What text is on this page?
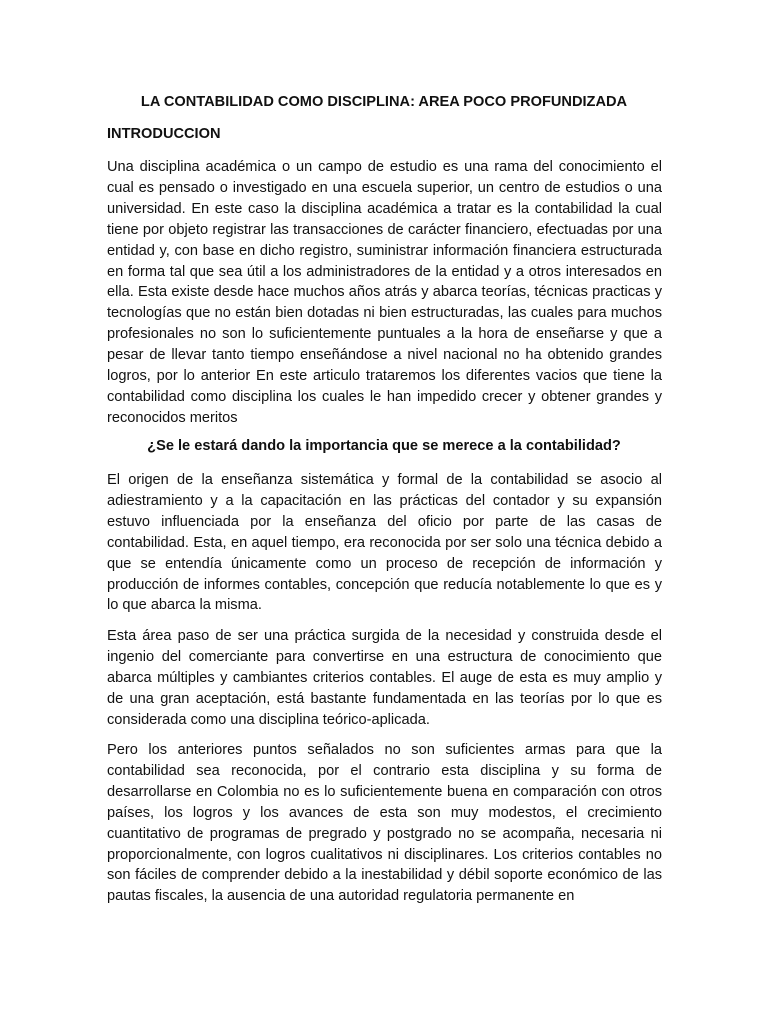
LA CONTABILIDAD COMO DISCIPLINA: AREA POCO PROFUNDIZADA
INTRODUCCION

Una disciplina académica o un campo de estudio es una rama del conocimiento el cual es pensado o investigado en una escuela superior, un centro de estudios o una universidad. En este caso la disciplina académica a tratar es la contabilidad la cual tiene por objeto registrar las transacciones de carácter financiero, efectuadas por una entidad y, con base en dicho registro, suministrar información financiera estructurada en forma tal que sea útil a los administradores de la entidad y a otros interesados en ella. Esta existe desde hace muchos años atrás y abarca teorías, técnicas practicas y tecnologías que no están bien dotadas ni bien estructuradas, las cuales para muchos profesionales no son lo suficientemente puntuales a la hora de enseñarse y que a pesar de llevar tanto tiempo enseñándose a nivel nacional no ha obtenido grandes logros, por lo anterior En este articulo trataremos los diferentes vacios que tiene la contabilidad como disciplina los cuales le han impedido crecer y obtener grandes y reconocidos meritos

¿Se le estará dando la importancia que se merece a la contabilidad?

El origen de la enseñanza sistemática y formal de la contabilidad se asocio al adiestramiento y a la capacitación en las prácticas del contador y su expansión estuvo influenciada por la enseñanza del oficio por parte de las casas de contabilidad. Esta, en aquel tiempo, era reconocida por ser solo una técnica debido a que se entendía únicamente como un proceso de recepción de información y producción de informes contables, concepción que reducía notablemente lo que es y lo que abarca la misma.

Esta área paso de ser una práctica surgida de la necesidad y construida desde el ingenio del comerciante para convertirse en una estructura de conocimiento que abarca múltiples y cambiantes criterios contables. El auge de esta es muy amplio y de una gran aceptación, está bastante fundamentada en las teorías por lo que es considerada como una disciplina teórico-aplicada.

Pero los anteriores puntos señalados no son suficientes armas para que la contabilidad sea reconocida, por el contrario esta disciplina y su forma de desarrollarse en Colombia no es lo suficientemente buena en comparación con otros países, los logros y los avances de esta son muy modestos, el crecimiento cuantitativo de programas de pregrado y postgrado no se acompaña, necesaria ni proporcionalmente, con logros cualitativos ni disciplinares. Los criterios contables no son fáciles de comprender debido a la inestabilidad y débil soporte económico de las pautas fiscales, la ausencia de una autoridad regulatoria permanente en
